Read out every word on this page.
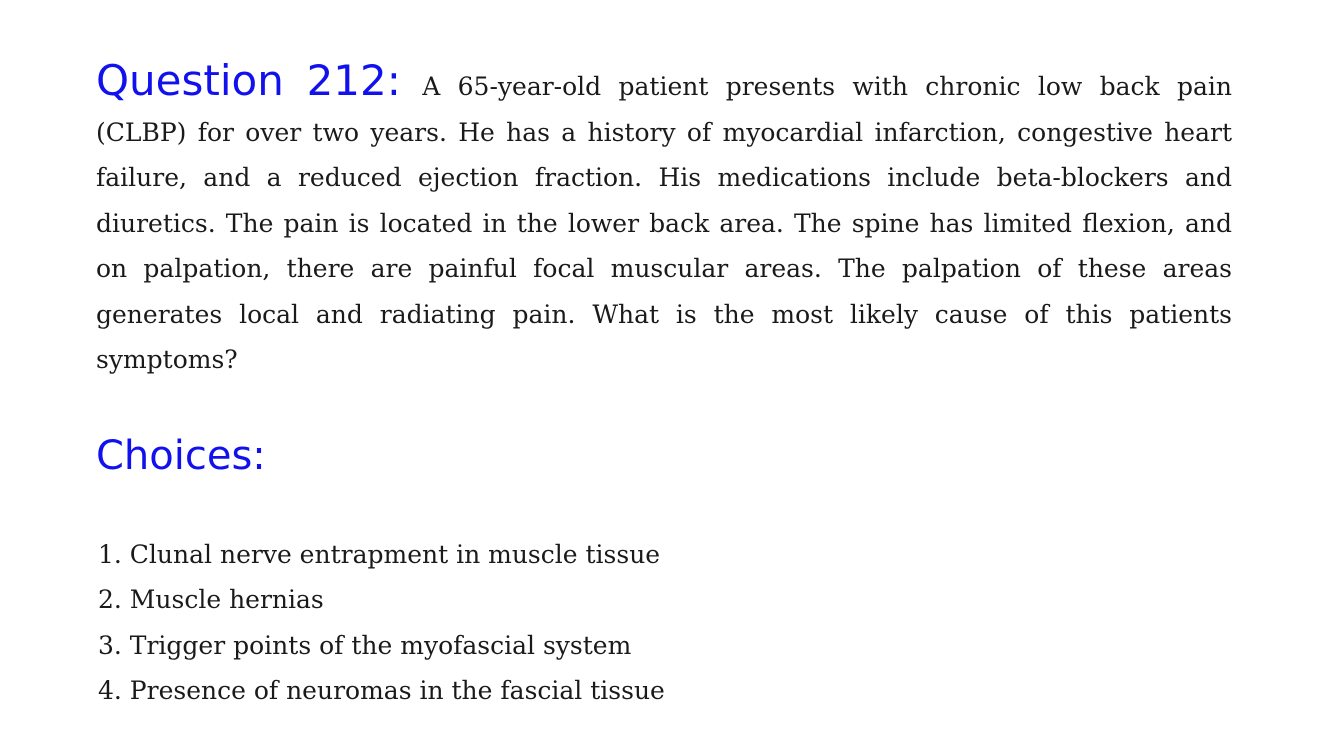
Question 212: A 65-year-old patient presents with chronic low back pain (CLBP) for over two years. He has a history of myocardial infarction, congestive heart failure, and a reduced ejection fraction. His medications include beta-blockers and diuretics. The pain is located in the lower back area. The spine has limited flexion, and on palpation, there are painful focal muscular areas. The palpation of these areas generates local and radiating pain. What is the most likely cause of this patients symptoms?

Choices:
1. Clunal nerve entrapment in muscle tissue
2. Muscle hernias
3. Trigger points of the myofascial system
4. Presence of neuromas in the fascial tissue
